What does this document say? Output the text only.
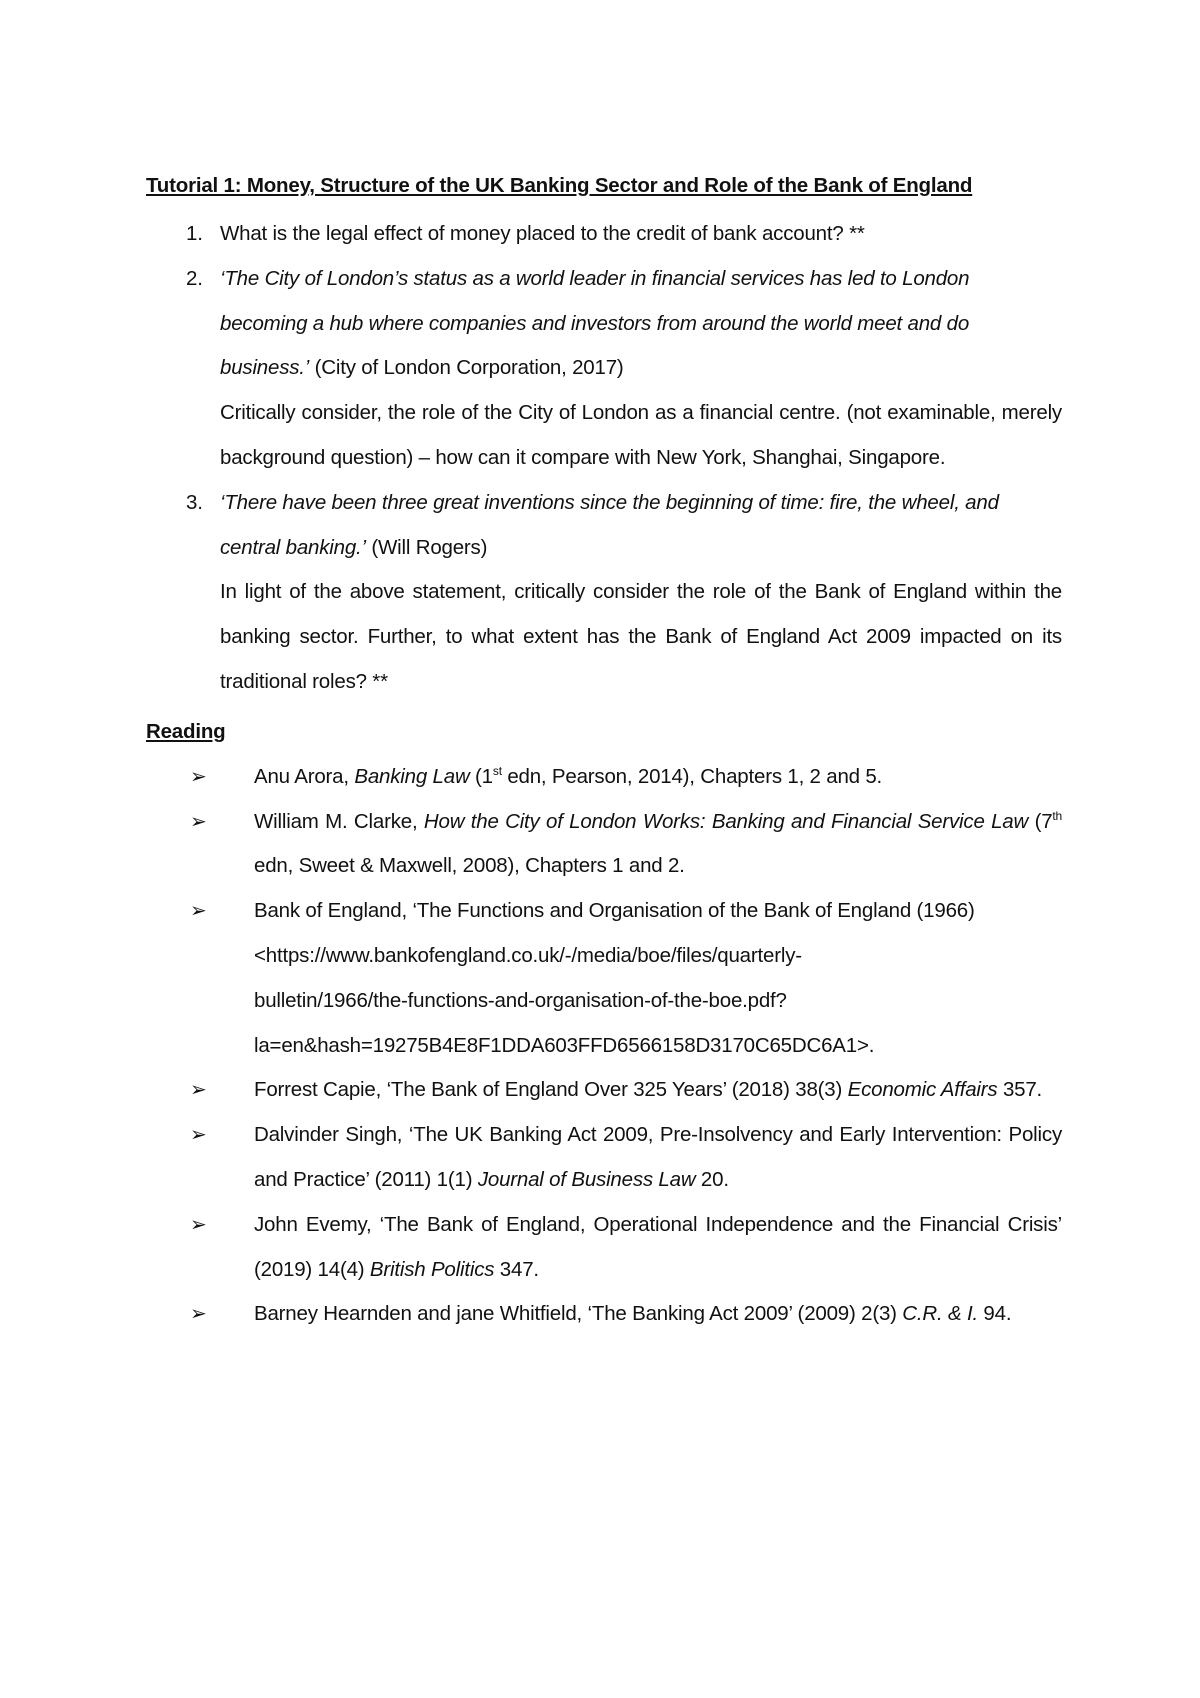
Tutorial 1: Money, Structure of the UK Banking Sector and Role of the Bank of England
1. What is the legal effect of money placed to the credit of bank account? **
2. ‘The City of London’s status as a world leader in financial services has led to London becoming a hub where companies and investors from around the world meet and do business.’ (City of London Corporation, 2017)
Critically consider, the role of the City of London as a financial centre. (not examinable, merely background question) – how can it compare with New York, Shanghai, Singapore.
3. ‘There have been three great inventions since the beginning of time: fire, the wheel, and central banking.’ (Will Rogers)
In light of the above statement, critically consider the role of the Bank of England within the banking sector. Further, to what extent has the Bank of England Act 2009 impacted on its traditional roles? **
Reading
➢ Anu Arora, Banking Law (1st edn, Pearson, 2014), Chapters 1, 2 and 5.
➢ William M. Clarke, How the City of London Works: Banking and Financial Service Law (7th edn, Sweet & Maxwell, 2008), Chapters 1 and 2.
➢ Bank of England, ‘The Functions and Organisation of the Bank of England (1966)
<https://www.bankofengland.co.uk/-/media/boe/files/quarterly-
bulletin/1966/the-functions-and-organisation-of-the-boe.pdf?
la=en&hash=19275B4E8F1DDA603FFD6566158D3170C65DC6A1>.
➢ Forrest Capie, ‘The Bank of England Over 325 Years’ (2018) 38(3) Economic Affairs 357.
➢ Dalvinder Singh, ‘The UK Banking Act 2009, Pre-Insolvency and Early Intervention: Policy and Practice’ (2011) 1(1) Journal of Business Law 20.
➢ John Evemy, ‘The Bank of England, Operational Independence and the Financial Crisis’ (2019) 14(4) British Politics 347.
➢ Barney Hearnden and jane Whitfield, ‘The Banking Act 2009’ (2009) 2(3) C.R. & I. 94.
